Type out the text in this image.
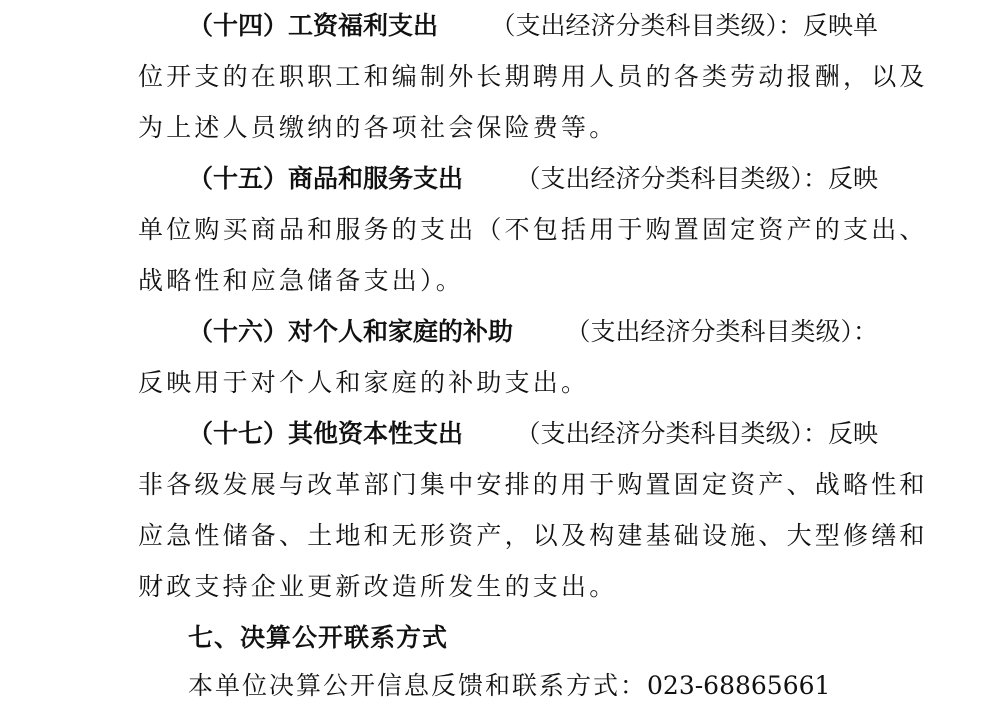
（十四）工资福利支出 （支出经济分类科目类级）：反映单
位开支的在职职工和编制外长期聘用人员的各类劳动报酬，以及
为上述人员缴纳的各项社会保险费等。
（十五）商品和服务支出 （支出经济分类科目类级）：反映
单位购买商品和服务的支出（不包括用于购置固定资产的支出、
战略性和应急储备支出）。
（十六）对个人和家庭的补助 （支出经济分类科目类级）：
反映用于对个人和家庭的补助支出。
（十七）其他资本性支出 （支出经济分类科目类级）：反映
非各级发展与改革部门集中安排的用于购置固定资产、战略性和
应急性储备、土地和无形资产，以及构建基础设施、大型修缮和
财政支持企业更新改造所发生的支出。
七、决算公开联系方式
本单位决算公开信息反馈和联系方式：023-68865661
